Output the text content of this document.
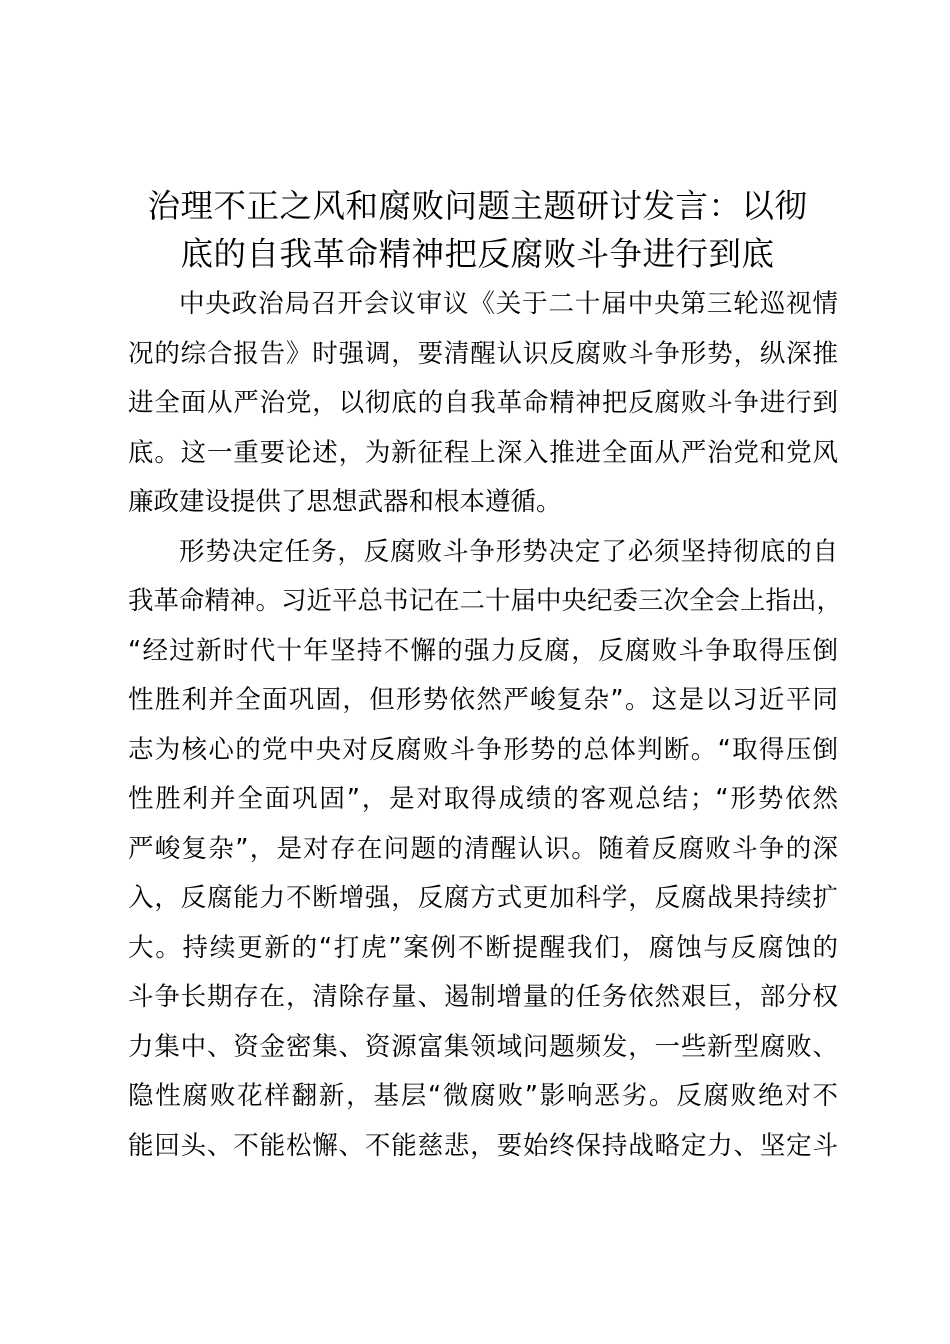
治理不正之风和腐败问题主题研讨发言：以彻
底的自我革命精神把反腐败斗争进行到底
中央政治局召开会议审议《关于二十届中央第三轮巡视情
况的综合报告》时强调，要清醒认识反腐败斗争形势，纵深推
进全面从严治党，以彻底的自我革命精神把反腐败斗争进行到
底。这一重要论述，为新征程上深入推进全面从严治党和党风
廉政建设提供了思想武器和根本遵循。
形势决定任务，反腐败斗争形势决定了必须坚持彻底的自
我革命精神。习近平总书记在二十届中央纪委三次全会上指出，
“经过新时代十年坚持不懈的强力反腐，反腐败斗争取得压倒
性胜利并全面巩固，但形势依然严峻复杂”。这是以习近平同
志为核心的党中央对反腐败斗争形势的总体判断。“取得压倒
性胜利并全面巩固”，是对取得成绩的客观总结；“形势依然
严峻复杂”，是对存在问题的清醒认识。随着反腐败斗争的深
入，反腐能力不断增强，反腐方式更加科学，反腐战果持续扩
大。持续更新的“打虎”案例不断提醒我们，腐蚀与反腐蚀的
斗争长期存在，清除存量、遏制增量的任务依然艰巨，部分权
力集中、资金密集、资源富集领域问题频发，一些新型腐败、
隐性腐败花样翻新，基层“微腐败”影响恶劣。反腐败绝对不
能回头、不能松懈、不能慈悲，要始终保持战略定力、坚定斗
